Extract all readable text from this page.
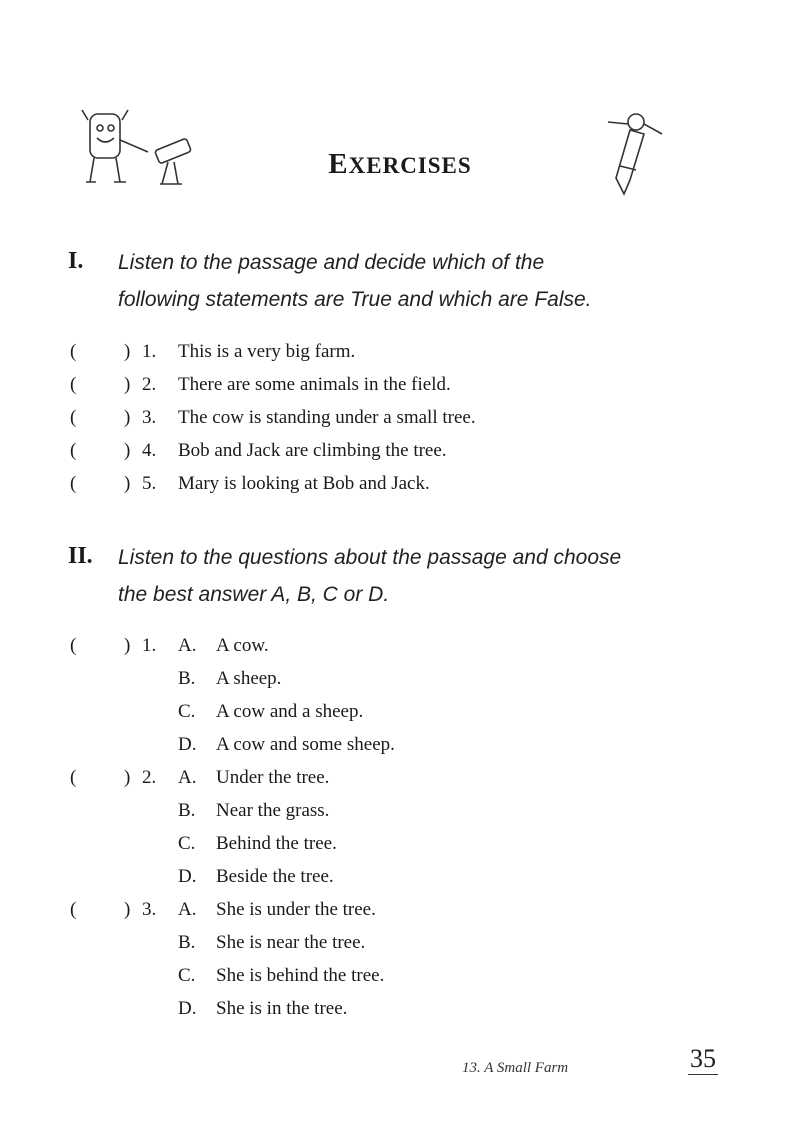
EXERCISES
I. Listen to the passage and decide which of the
following statements are True and which are False.
(	) 1. This is a very big farm.
(	) 2. There are some animals in the field.
(	) 3. The cow is standing under a small tree.
(	) 4. Bob and Jack are climbing the tree.
(	) 5. Mary is looking at Bob and Jack.
II. Listen to the questions about the passage and choose
the best answer A, B, C or D.
(	) 1. A. A cow.
B. A sheep.
C. A cow and a sheep.
D. A cow and some sheep.
(	) 2. A. Under the tree.
B. Near the grass.
C. Behind the tree.
D. Beside the tree.
(	) 3. A. She is under the tree.
B. She is near the tree.
C. She is behind the tree.
D. She is in the tree.
13. A Small Farm	35
